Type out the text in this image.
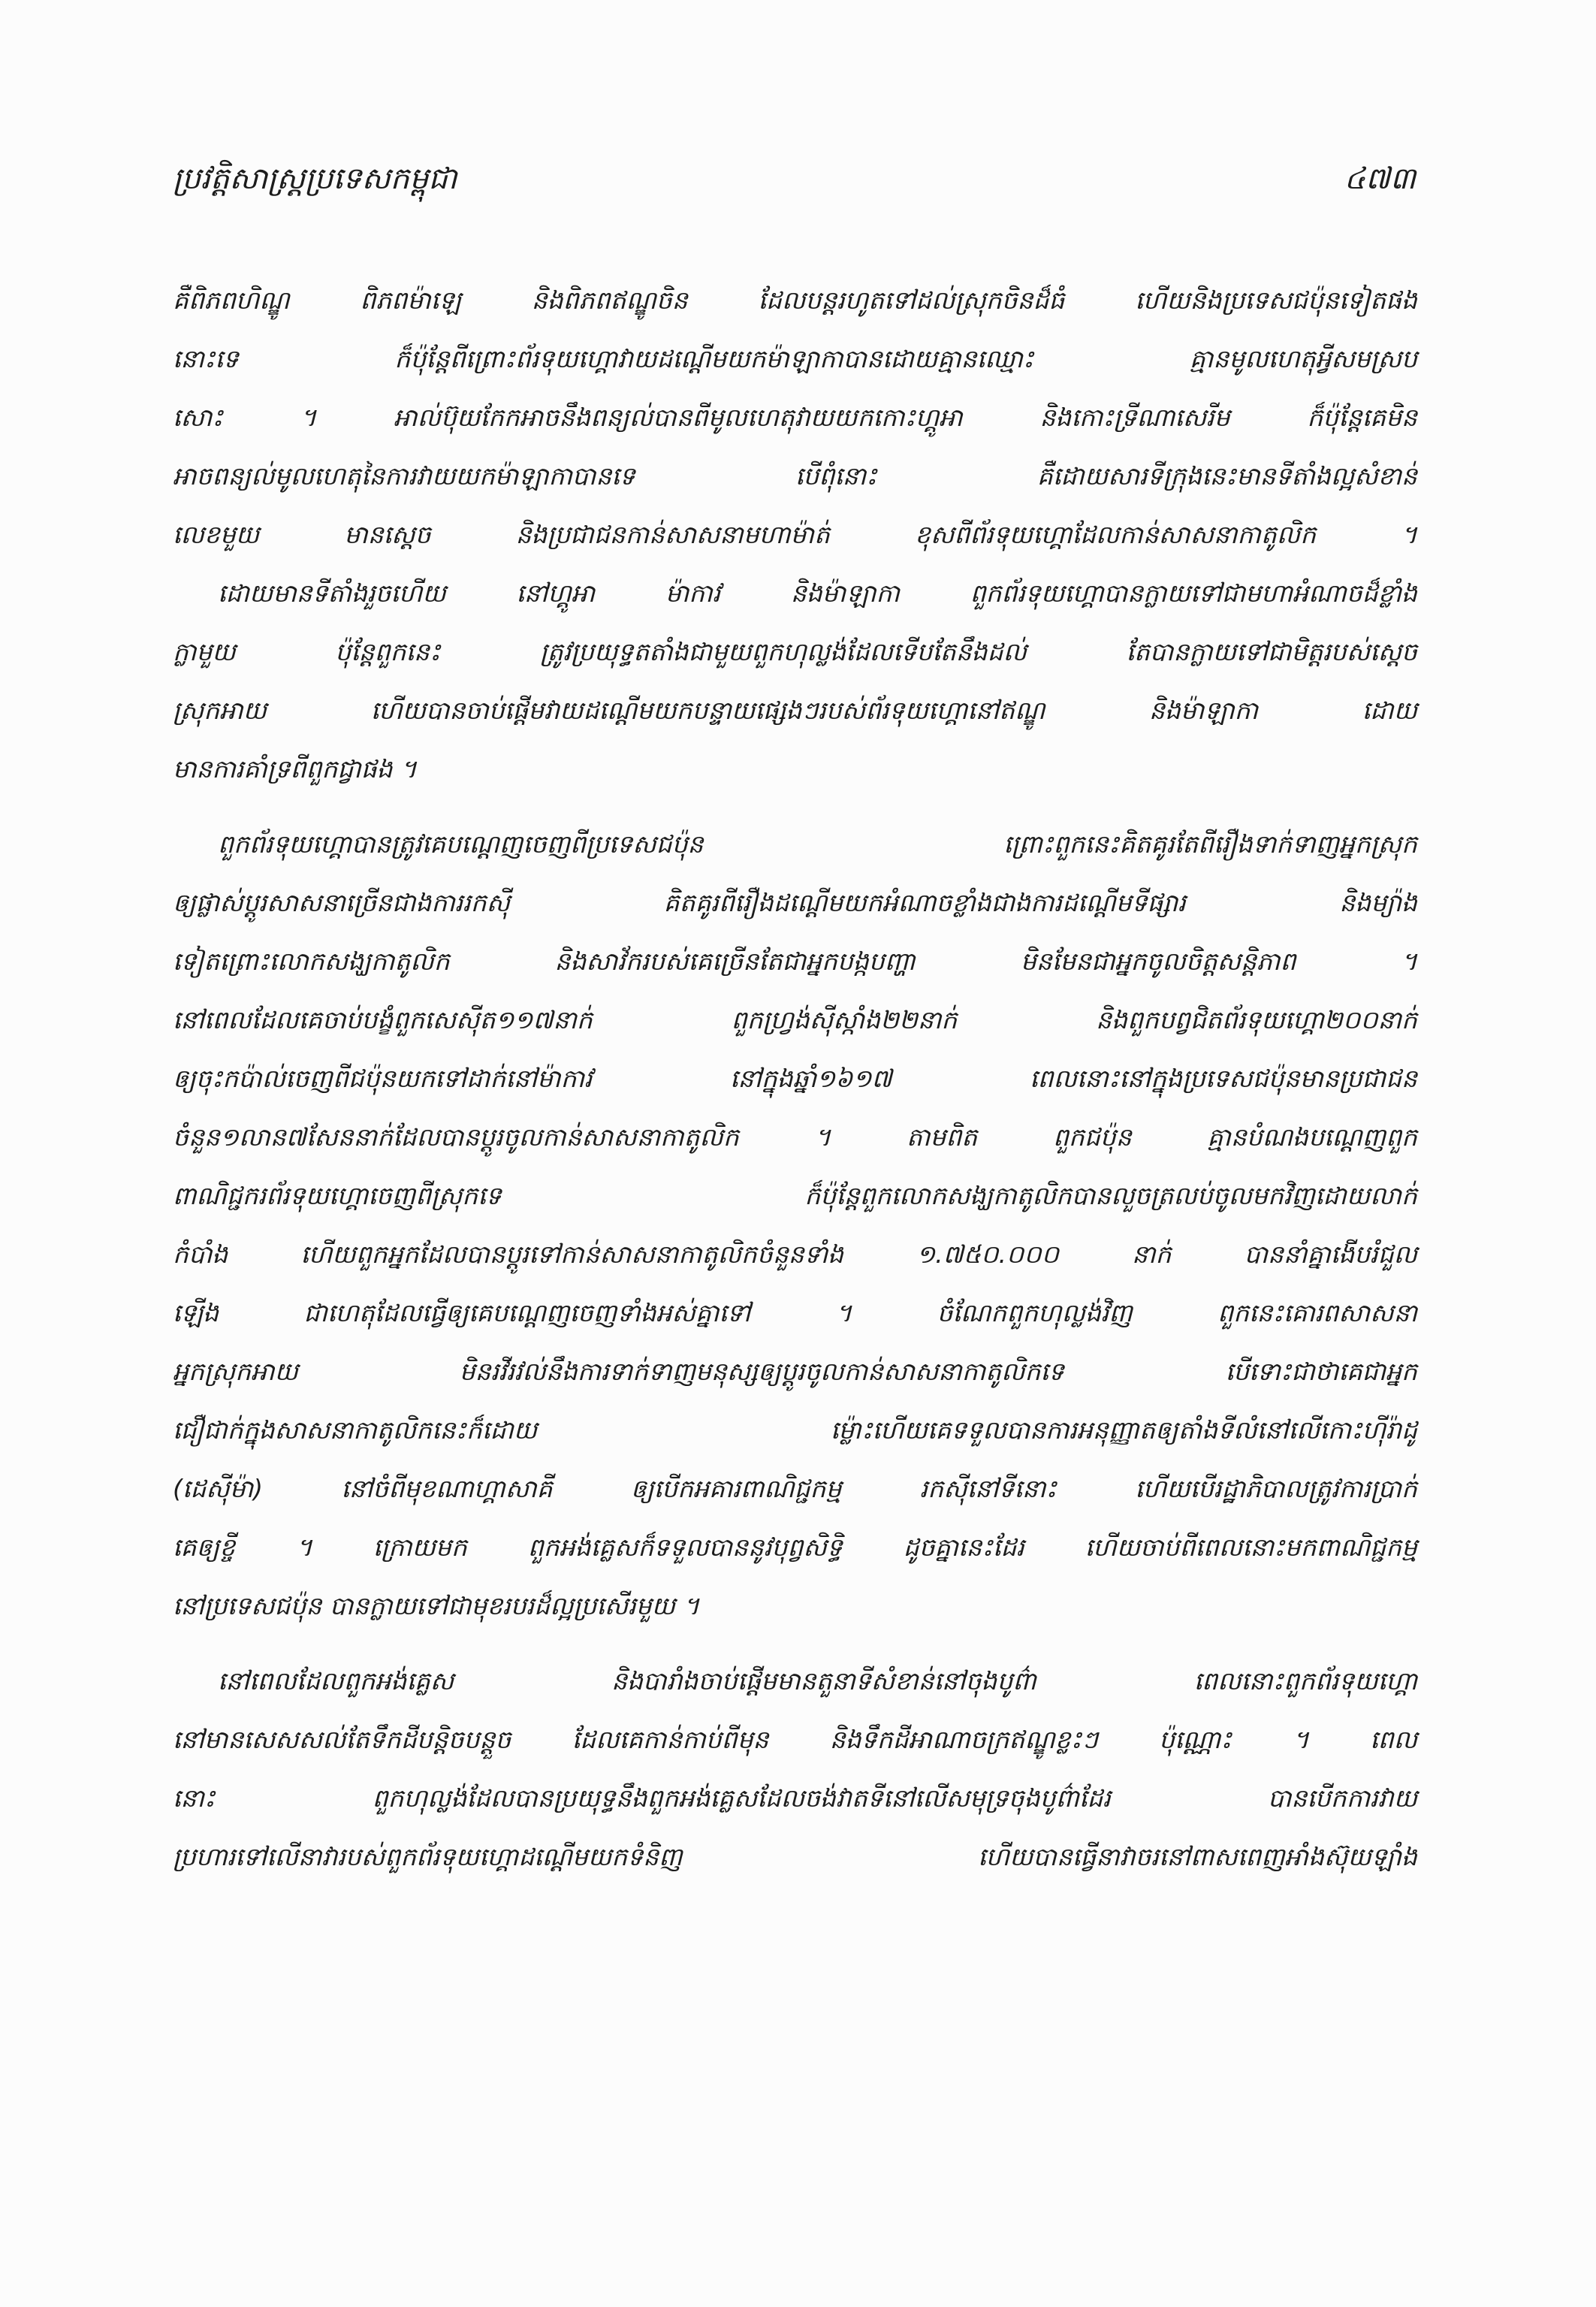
ប្រវត្តិសាស្ត្រប្រទេសកម្ពុជា	៤៧៣
គឺពិភពហិណ្ឌូ ពិភពម៉ាឡេ និងពិភពឥណ្ឌូចិន ដែលបន្តរហូតទៅដល់ស្រុកចិនដ៏ធំ ហើយនិងប្រទេសជប៉ុនទៀតផង
នោះទេ ក៏ប៉ុន្តែពីព្រោះព័រទុយហ្គោវាយដណ្តើមយកម៉ាឡាកាបានដោយគ្មានឈ្មោះ គ្មានមូលហេតុអ្វីសមស្រប
សោះ ។ អាល់ប៊ុយកែកអាចនឹងពន្យល់បានពីមូលហេតុវាយយកកោះហ្គូអា និងកោះទ្រីណាសេរីម ក៏ប៉ុន្តែគេមិន
អាចពន្យល់មូលហេតុនៃការវាយយកម៉ាឡាកាបានទេ បើពុំនោះ គឺដោយសារទីក្រុងនេះមានទីតាំងល្អសំខាន់
លេខមួយ មានស្តេច និងប្រជាជនកាន់សាសនាមហាម៉ាត់ ខុសពីព័រទុយហ្គោដែលកាន់សាសនាកាតូលិក ។
ដោយមានទីតាំងរួចហើយ នៅហ្គូអា ម៉ាកាវ និងម៉ាឡាកា ពួកព័រទុយហ្គោបានក្លាយទៅជាមហាអំណាចដ៏ខ្លាំង
ក្លាមួយ ប៉ុន្តែពួកនេះ ត្រូវប្រយុទ្ធតតាំងជាមួយពួកហុល្លង់ដែលទើបតែនឹងដល់ តែបានក្លាយទៅជាមិត្តរបស់ស្តេច
ស្រុកអាយ ហើយបានចាប់ផ្តើមវាយដណ្តើមយកបន្ទាយផ្សេងៗរបស់ព័រទុយហ្គោនៅឥណ្ឌូ និងម៉ាឡាកា ដោយ
មានការគាំទ្រពីពួកជ្វាផង ។
ពួកព័រទុយហ្គោបានត្រូវគេបណ្តេញចេញពីប្រទេសជប៉ុន ព្រោះពួកនេះគិតគូរតែពីរឿងទាក់ទាញអ្នកស្រុក
ឲ្យផ្លាស់ប្តូរសាសនាច្រើនជាងការរកស៊ី គិតគូរពីរឿងដណ្តើមយកអំណាចខ្លាំងជាងការដណ្តើមទីផ្សារ និងម្យ៉ាង
ទៀតព្រោះលោកសង្ឃកាតូលិក និងសាវ័ករបស់គេច្រើនតែជាអ្នកបង្កបញ្ហា មិនមែនជាអ្នកចូលចិត្តសន្តិភាព ។
នៅពេលដែលគេចាប់បង្ខំពួកសេស៊ីត១១៧នាក់ ពួកហ្វ្រង់ស៊ីស្កាំង២២នាក់ និងពួកបព្វជិតព័រទុយហ្គោ២០០នាក់
ឲ្យចុះកប៉ាល់ចេញពីជប៉ុនយកទៅដាក់នៅម៉ាកាវ នៅក្នុងឆ្នាំ១៦១៧ ពេលនោះនៅក្នុងប្រទេសជប៉ុនមានប្រជាជន
ចំនួន១លាន៧សែននាក់ដែលបានប្តូរចូលកាន់សាសនាកាតូលិក ។ តាមពិត ពួកជប៉ុន គ្មានបំណងបណ្តេញពួក
ពាណិជ្ជករព័រទុយហ្គោចេញពីស្រុកទេ ក៏ប៉ុន្តែពួកលោកសង្ឃកាតូលិកបានលួចត្រលប់ចូលមកវិញដោយលាក់
កំបាំង ហើយពួកអ្នកដែលបានប្តូរទៅកាន់សាសនាកាតូលិកចំនួនទាំង ១.៧៥០.០០០ នាក់ បាននាំគ្នាងើបរំជួល
ឡើង ជាហេតុដែលធ្វើឲ្យគេបណ្តេញចេញទាំងអស់គ្នាទៅ ។ ចំណែកពួកហុល្លង់វិញ ពួកនេះគោរពសាសនា
អ្នកស្រុកអាយ មិនរវីរវល់នឹងការទាក់ទាញមនុស្សឲ្យប្តូរចូលកាន់សាសនាកាតូលិកទេ បើទោះជាថាគេជាអ្នក
ជឿជាក់ក្នុងសាសនាកាតូលិកនេះក៏ដោយ ម្ល៉ោះហើយគេទទួលបានការអនុញ្ញាតឲ្យតាំងទីលំនៅលើកោះហ៊ីរ៉ាដូ
(ដេស៊ីម៉ា) នៅចំពីមុខណាហ្គាសាគី ឲ្យបើកអគារពាណិជ្ជកម្ម រកស៊ីនៅទីនោះ ហើយបើរដ្ឋាភិបាលត្រូវការប្រាក់
គេឲ្យខ្ចី ។ ក្រោយមក ពួកអង់គ្លេសក៏ទទួលបាននូវបុព្វសិទ្ធិ ដូចគ្នានេះដែរ ហើយចាប់ពីពេលនោះមកពាណិជ្ជកម្ម
នៅប្រទេសជប៉ុន បានក្លាយទៅជាមុខរបរដ៏ល្អប្រសើរមួយ ។
នៅពេលដែលពួកអង់គ្លេស និងបារាំងចាប់ផ្តើមមានតួនាទីសំខាន់នៅចុងបូព៌ា ពេលនោះពួកព័រទុយហ្គោ
នៅមានសេសសល់តែទឹកដីបន្តិចបន្តួច ដែលគេកាន់កាប់ពីមុន និងទឹកដីអាណាចក្រឥណ្ឌូខ្លះៗ ប៉ុណ្ណោះ ។ ពេល
នោះ ពួកហុល្លង់ដែលបានប្រយុទ្ធនឹងពួកអង់គ្លេសដែលចង់វាតទីនៅលើសមុទ្រចុងបូព៌ាដែរ បានបើកការវាយ
ប្រហារទៅលើនាវារបស់ពួកព័រទុយហ្គោដណ្តើមយកទំនិញ ហើយបានធ្វើនាវាចរនៅពាសពេញអាំងស៊ុយឡាំង
